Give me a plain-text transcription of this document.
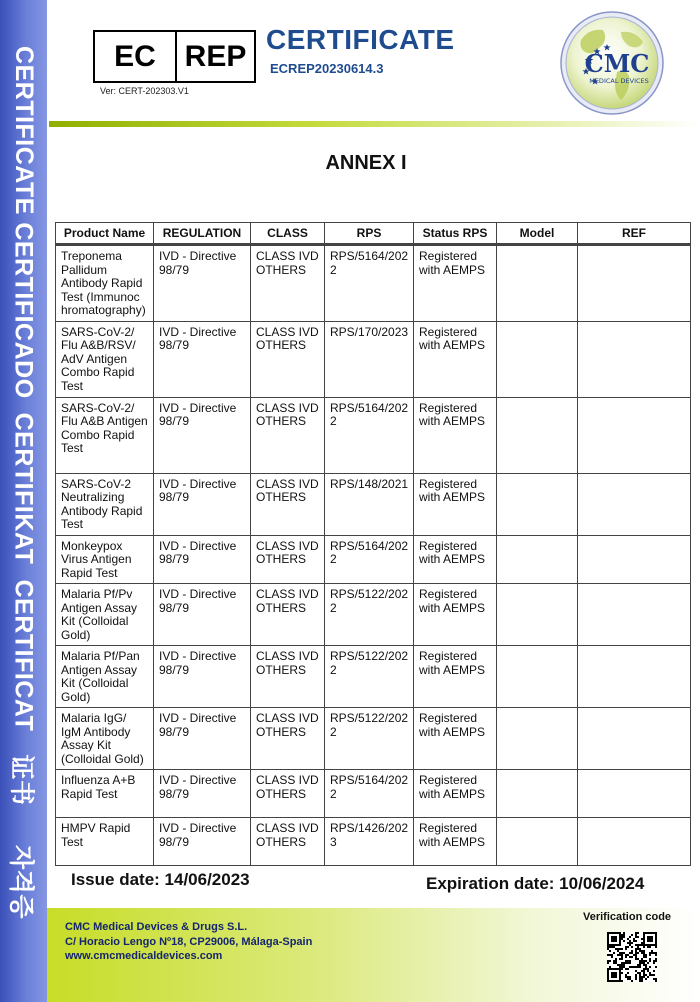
CERTIFICATE
CERTIFICADO
CERTIFIKAT
CERTIFICAT
证书
자격증
EC REP
Ver: CERT-202303.V1
CERTIFICATE
ECREP20230614.3	CMC
MEDICAL DEVICES
ANNEX I
Product Name	REGULATION	CLASS	RPS	Status RPS	Model	REF
Treponema Pallidum Antibody Rapid Test (Immunoc hromatography)	IVD - Directive 98/79	CLASS IVD OTHERS	RPS/5164/202 2	Registered with AEMPS		
SARS-CoV-2/ Flu A&B/RSV/ AdV Antigen Combo Rapid Test	IVD - Directive 98/79	CLASS IVD OTHERS	RPS/170/2023	Registered with AEMPS		
SARS-CoV-2/ Flu A&B Antigen Combo Rapid Test	IVD - Directive 98/79	CLASS IVD OTHERS	RPS/5164/202 2	Registered with AEMPS		
SARS-CoV-2 Neutralizing Antibody Rapid Test	IVD - Directive 98/79	CLASS IVD OTHERS	RPS/148/2021	Registered with AEMPS		
Monkeypox Virus Antigen Rapid Test	IVD - Directive 98/79	CLASS IVD OTHERS	RPS/5164/202 2	Registered with AEMPS		
Malaria Pf/Pv Antigen Assay Kit (Colloidal Gold)	IVD - Directive 98/79	CLASS IVD OTHERS	RPS/5122/202 2	Registered with AEMPS		
Malaria Pf/Pan Antigen Assay Kit (Colloidal Gold)	IVD - Directive 98/79	CLASS IVD OTHERS	RPS/5122/202 2	Registered with AEMPS		
Malaria IgG/ IgM Antibody Assay Kit (Colloidal Gold)	IVD - Directive 98/79	CLASS IVD OTHERS	RPS/5122/202 2	Registered with AEMPS		
Influenza A+B Rapid Test	IVD - Directive 98/79	CLASS IVD OTHERS	RPS/5164/202 2	Registered with AEMPS		
HMPV Rapid Test	IVD - Directive 98/79	CLASS IVD OTHERS	RPS/1426/202 3	Registered with AEMPS		
Issue date: 14/06/2023	Expiration date: 10/06/2024
CMC Medical Devices & Drugs S.L.
C/ Horacio Lengo Nº18, CP29006, Málaga-Spain
www.cmcmedicaldevices.com
Verification code
